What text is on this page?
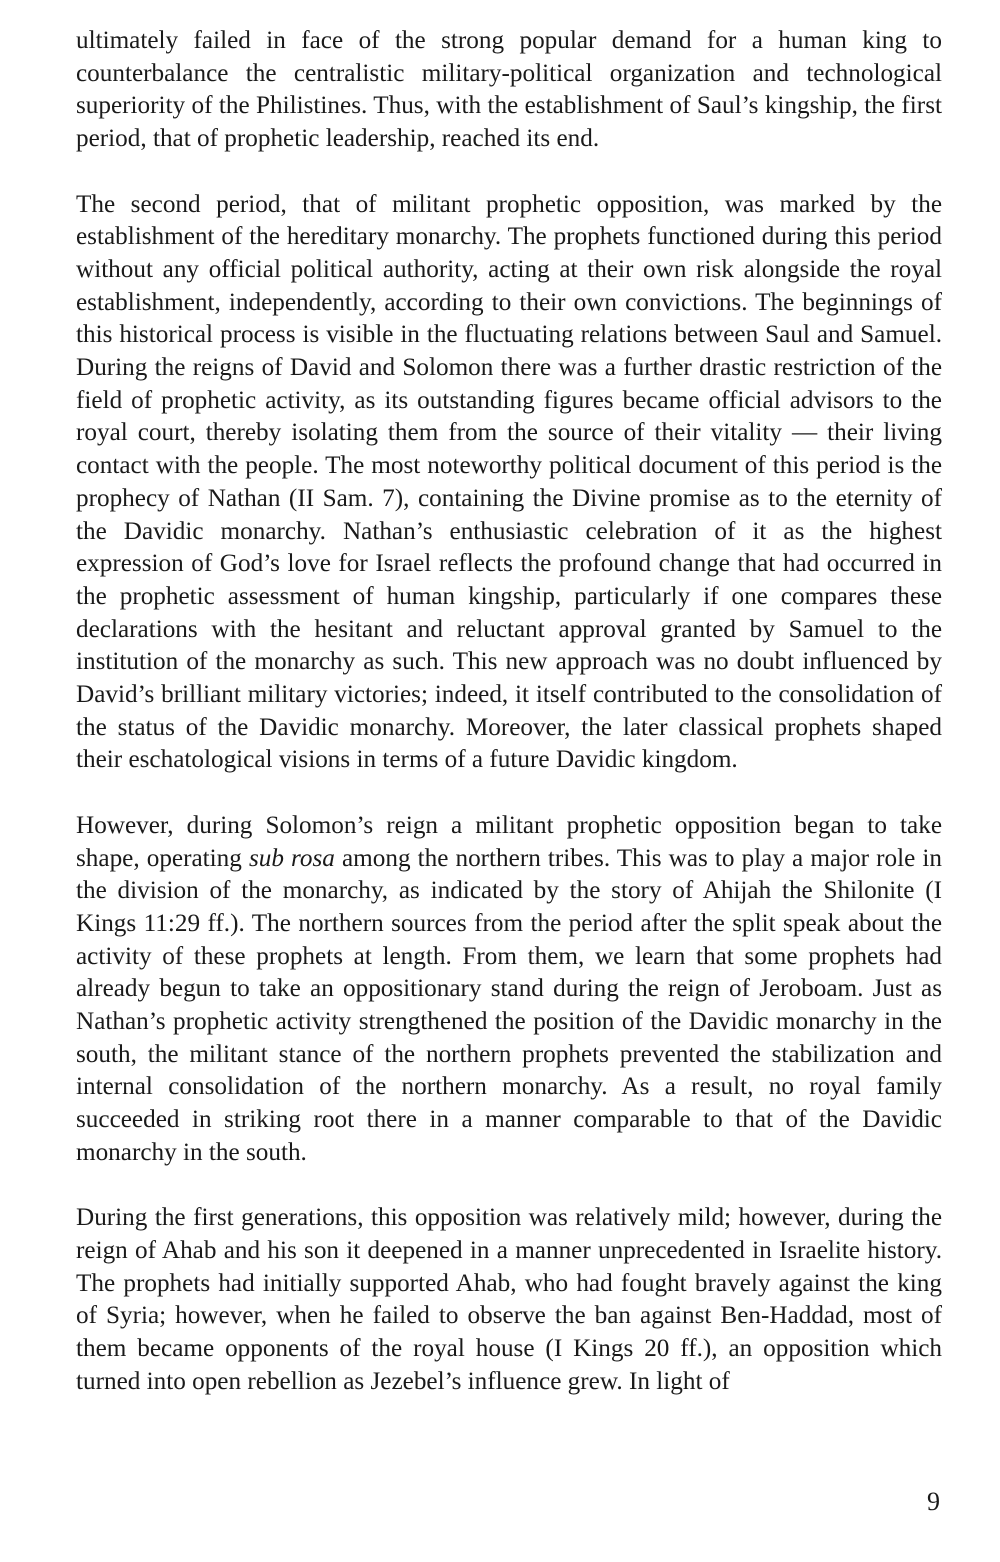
ultimately failed in face of the strong popular demand for a human king to counterbalance the centralistic military-political organization and technological superiority of the Philistines. Thus, with the establishment of Saul’s kingship, the first period, that of prophetic leadership, reached its end.

The second period, that of militant prophetic opposition, was marked by the establishment of the hereditary monarchy. The prophets functioned during this period without any official political authority, acting at their own risk alongside the royal establishment, independently, according to their own convictions. The beginnings of this historical process is visible in the fluctuating relations between Saul and Samuel. During the reigns of David and Solomon there was a further drastic restriction of the field of prophetic activity, as its outstanding figures became official advisors to the royal court, thereby isolating them from the source of their vitality — their living contact with the people. The most noteworthy political document of this period is the prophecy of Nathan (II Sam. 7), containing the Divine promise as to the eternity of the Davidic monarchy. Nathan’s enthusiastic celebration of it as the highest expression of God’s love for Israel reflects the profound change that had occurred in the prophetic assessment of human kingship, particularly if one compares these declarations with the hesitant and reluctant approval granted by Samuel to the institution of the monarchy as such. This new approach was no doubt influenced by David’s brilliant military victories; indeed, it itself contributed to the consolidation of the status of the Davidic monarchy. Moreover, the later classical prophets shaped their eschatological visions in terms of a future Davidic kingdom.

However, during Solomon’s reign a militant prophetic opposition began to take shape, operating sub rosa among the northern tribes. This was to play a major role in the division of the monarchy, as indicated by the story of Ahijah the Shilonite (I Kings 11:29 ff.). The northern sources from the period after the split speak about the activity of these prophets at length. From them, we learn that some prophets had already begun to take an oppositionary stand during the reign of Jeroboam. Just as Nathan’s prophetic activity strengthened the position of the Davidic monarchy in the south, the militant stance of the northern prophets prevented the stabilization and internal consolidation of the northern monarchy. As a result, no royal family succeeded in striking root there in a manner comparable to that of the Davidic monarchy in the south.

During the first generations, this opposition was relatively mild; however, during the reign of Ahab and his son it deepened in a manner unprecedented in Israelite history. The prophets had initially supported Ahab, who had fought bravely against the king of Syria; however, when he failed to observe the ban against Ben-Haddad, most of them became opponents of the royal house (I Kings 20 ff.), an opposition which turned into open rebellion as Jezebel’s influence grew. In light of

9
